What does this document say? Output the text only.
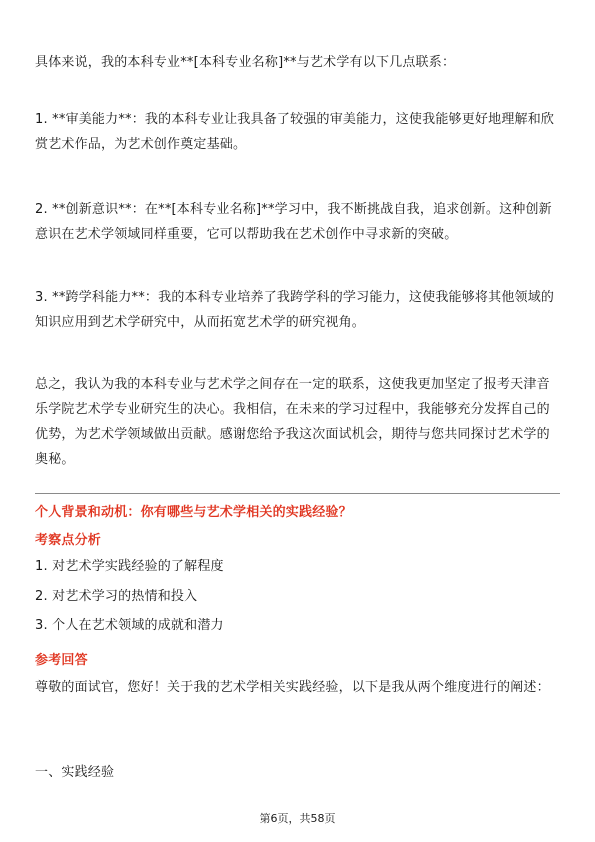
具体来说，我的本科专业**[本科专业名称]**与艺术学有以下几点联系：

1. **审美能力**：我的本科专业让我具备了较强的审美能力，这使我能够更好地理解和欣赏艺术作品，为艺术创作奠定基础。

2. **创新意识**：在**[本科专业名称]**学习中，我不断挑战自我，追求创新。这种创新意识在艺术学领域同样重要，它可以帮助我在艺术创作中寻求新的突破。

3. **跨学科能力**：我的本科专业培养了我跨学科的学习能力，这使我能够将其他领域的知识应用到艺术学研究中，从而拓宽艺术学的研究视角。

总之，我认为我的本科专业与艺术学之间存在一定的联系，这使我更加坚定了报考天津音乐学院艺术学专业研究生的决心。我相信，在未来的学习过程中，我能够充分发挥自己的优势，为艺术学领域做出贡献。感谢您给予我这次面试机会，期待与您共同探讨艺术学的奥秘。

个人背景和动机：你有哪些与艺术学相关的实践经验？

考察点分析

1. 对艺术学实践经验的了解程度

2. 对艺术学习的热情和投入

3. 个人在艺术领域的成就和潜力

参考回答

尊敬的面试官，您好！关于我的艺术学相关实践经验，以下是我从两个维度进行的阐述：

一、实践经验

第6页，共58页
